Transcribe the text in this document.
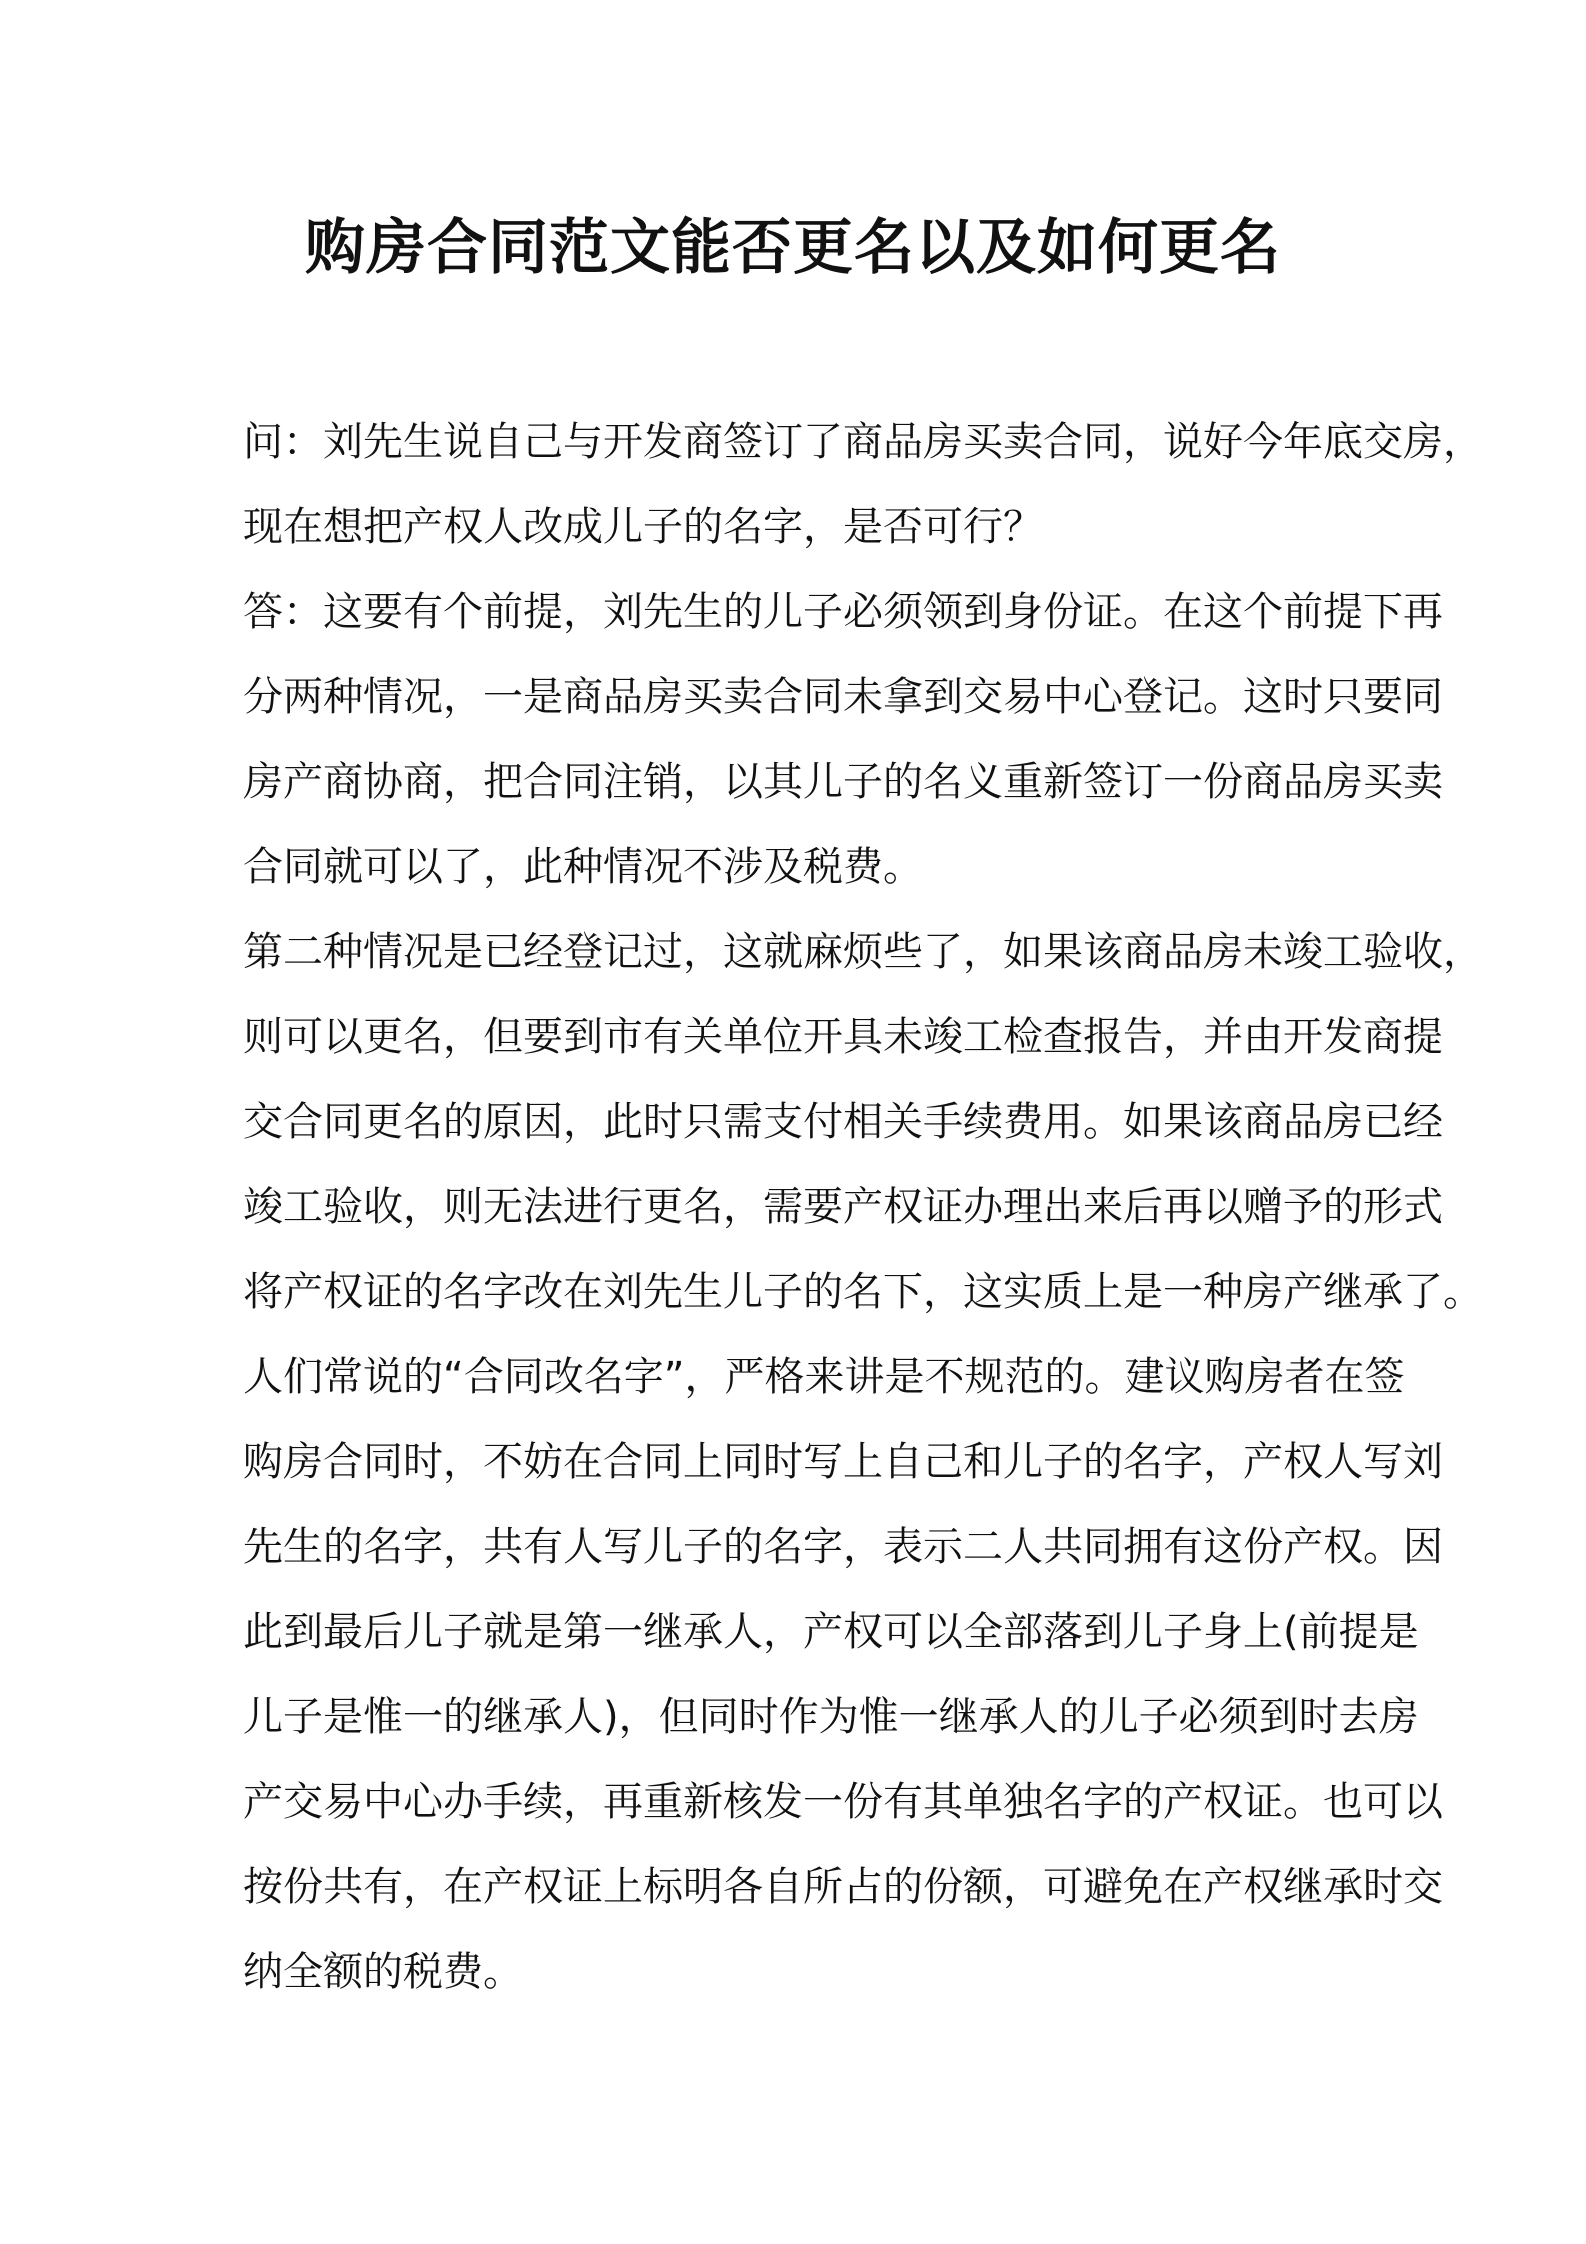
购房合同范文能否更名以及如何更名
问：刘先生说自己与开发商签订了商品房买卖合同，说好今年底交房，
现在想把产权人改成儿子的名字，是否可行？
答：这要有个前提，刘先生的儿子必须领到身份证。在这个前提下再
分两种情况，一是商品房买卖合同未拿到交易中心登记。这时只要同
房产商协商，把合同注销，以其儿子的名义重新签订一份商品房买卖
合同就可以了，此种情况不涉及税费。
第二种情况是已经登记过，这就麻烦些了，如果该商品房未竣工验收，
则可以更名，但要到市有关单位开具未竣工检查报告，并由开发商提
交合同更名的原因，此时只需支付相关手续费用。如果该商品房已经
竣工验收，则无法进行更名，需要产权证办理出来后再以赠予的形式
将产权证的名字改在刘先生儿子的名下，这实质上是一种房产继承了。
人们常说的“合同改名字”，严格来讲是不规范的。建议购房者在签
购房合同时，不妨在合同上同时写上自己和儿子的名字，产权人写刘
先生的名字，共有人写儿子的名字，表示二人共同拥有这份产权。因
此到最后儿子就是第一继承人，产权可以全部落到儿子身上(前提是
儿子是惟一的继承人)，但同时作为惟一继承人的儿子必须到时去房
产交易中心办手续，再重新核发一份有其单独名字的产权证。也可以
按份共有，在产权证上标明各自所占的份额，可避免在产权继承时交
纳全额的税费。
